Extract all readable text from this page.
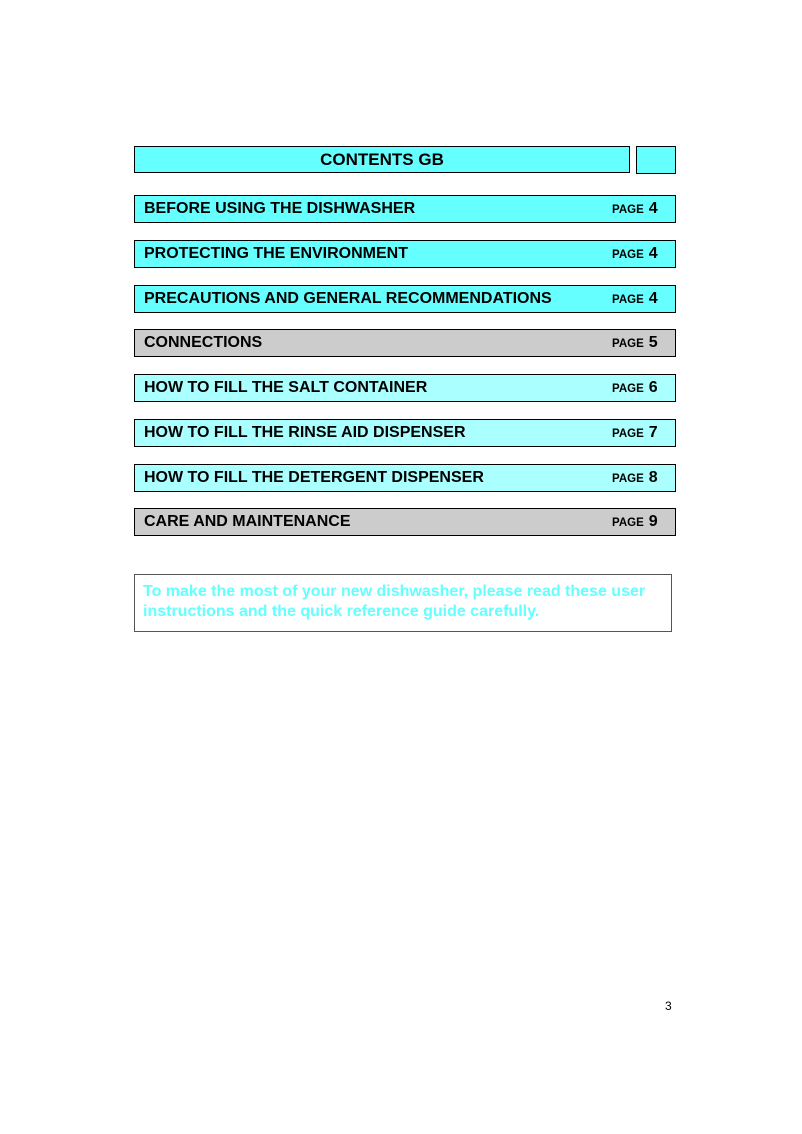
CONTENTS GB
BEFORE USING THE DISHWASHER	PAGE 4
PROTECTING THE ENVIRONMENT	PAGE 4
PRECAUTIONS AND GENERAL RECOMMENDATIONS	PAGE 4
CONNECTIONS	PAGE 5
HOW TO FILL THE SALT CONTAINER	PAGE 6
HOW TO FILL THE RINSE AID DISPENSER	PAGE 7
HOW TO FILL THE DETERGENT DISPENSER	PAGE 8
CARE AND MAINTENANCE	PAGE 9
To make the most of your new dishwasher, please read these user instructions and the quick reference guide carefully.
3
